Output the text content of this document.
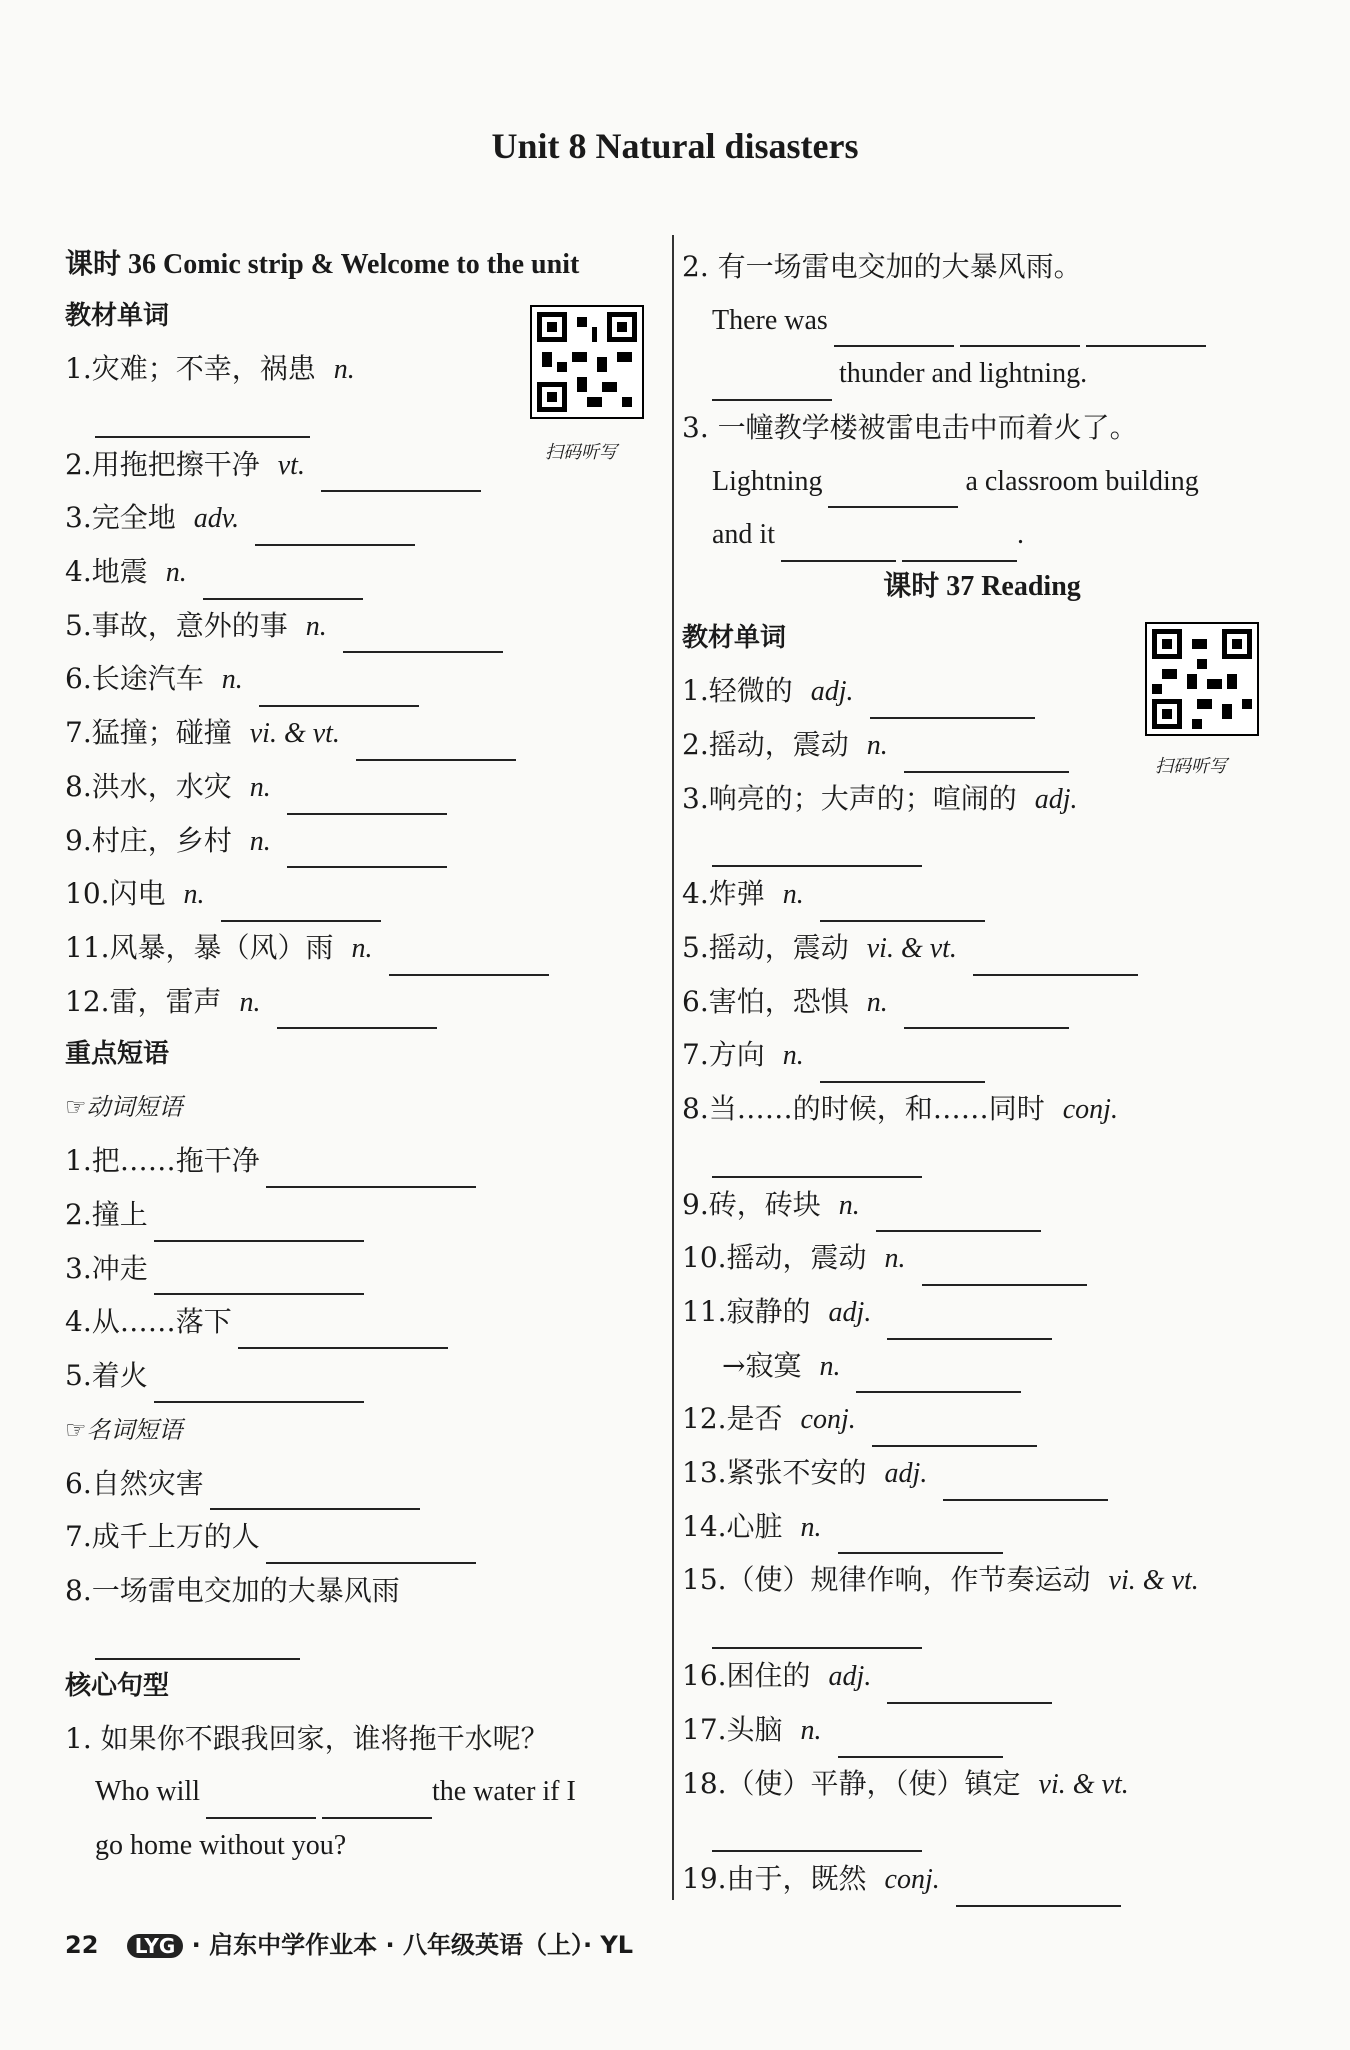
Unit 8 Natural disasters
课时 36 Comic strip & Welcome to the unit
教材单词
1.灾难；不幸，祸患 n.
2.用拖把擦干净 vt.
3.完全地 adv.
4.地震 n.
5.事故，意外的事 n.
6.长途汽车 n.
7.猛撞；碰撞 vi. & vt.
8.洪水，水灾 n.
9.村庄，乡村 n.
10.闪电 n.
11.风暴，暴（风）雨 n.
12.雷，雷声 n.
重点短语
☞动词短语
1.把……拖干净
2.撞上
3.冲走
4.从……落下
5.着火
☞名词短语
6.自然灾害
7.成千上万的人
8.一场雷电交加的大暴风雨
核心句型
1. 如果你不跟我回家，谁将拖干水呢？
Who will	the water if I
go home without you?
扫码听写
2. 有一场雷电交加的大暴风雨。
There was
thunder and lightning.
3. 一幢教学楼被雷电击中而着火了。
Lightning	a classroom building
and it	.
课时 37 Reading
教材单词
1.轻微的 adj.
2.摇动，震动 n.
3.响亮的；大声的；喧闹的 adj.
4.炸弹 n.
5.摇动，震动 vi. & vt.
6.害怕，恐惧 n.
7.方向 n.
8.当……的时候，和……同时 conj.
9.砖，砖块 n.
10.摇动，震动 n.
11.寂静的 adj.
→寂寞 n.
12.是否 conj.
13.紧张不安的 adj.
14.心脏 n.
15.（使）规律作响，作节奏运动 vi. & vt.
16.困住的 adj.
17.头脑 n.
18.（使）平静，（使）镇定 vi. & vt.
19.由于，既然 conj.
扫码听写
22 LYG · 启东中学作业本 · 八年级英语（上）· YL
